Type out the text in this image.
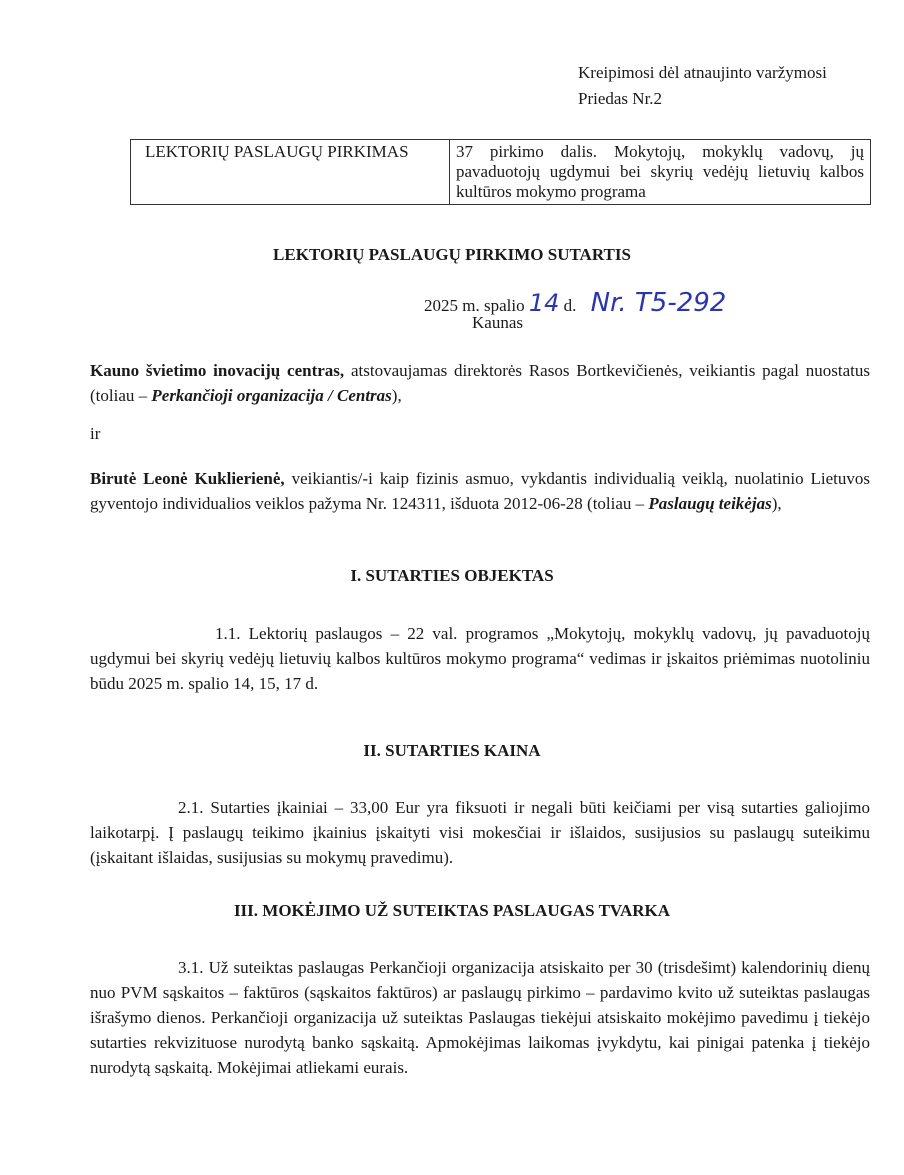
Kreipimosi dėl atnaujinto varžymosi
Priedas Nr.2
LEKTORIŲ PASLAUGŲ PIRKIMAS	37 pirkimo dalis. Mokytojų, mokyklų vadovų, jų pavaduotojų ugdymui bei skyrių vedėjų lietuvių kalbos kultūros mokymo programa
LEKTORIŲ PASLAUGŲ PIRKIMO SUTARTIS
2025 m. spalio 14 d. Nr. T5-292
Kaunas
Kauno švietimo inovacijų centras, atstovaujamas direktorės Rasos Bortkevičienės, veikiantis pagal nuostatus (toliau – Perkančioji organizacija / Centras),
ir
Birutė Leonė Kuklierienė, veikiantis/-i kaip fizinis asmuo, vykdantis individualią veiklą, nuolatinio Lietuvos gyventojo individualios veiklos pažyma Nr. 124311, išduota 2012-06-28 (toliau – Paslaugų teikėjas),
I. SUTARTIES OBJEKTAS
1.1. Lektorių paslaugos – 22 val. programos „Mokytojų, mokyklų vadovų, jų pavaduotojų ugdymui bei skyrių vedėjų lietuvių kalbos kultūros mokymo programa“ vedimas ir įskaitos priėmimas nuotoliniu būdu 2025 m. spalio 14, 15, 17 d.
II. SUTARTIES KAINA
2.1. Sutarties įkainiai – 33,00 Eur yra fiksuoti ir negali būti keičiami per visą sutarties galiojimo laikotarpį. Į paslaugų teikimo įkainius įskaityti visi mokesčiai ir išlaidos, susijusios su paslaugų suteikimu (įskaitant išlaidas, susijusias su mokymų pravedimu).
III. MOKĖJIMO UŽ SUTEIKTAS PASLAUGAS TVARKA
3.1. Už suteiktas paslaugas Perkančioji organizacija atsiskaito per 30 (trisdešimt) kalendorinių dienų nuo PVM sąskaitos – faktūros (sąskaitos faktūros) ar paslaugų pirkimo – pardavimo kvito už suteiktas paslaugas išrašymo dienos. Perkančioji organizacija už suteiktas Paslaugas tiekėjui atsiskaito mokėjimo pavedimu į tiekėjo sutarties rekvizituose nurodytą banko sąskaitą. Apmokėjimas laikomas įvykdytu, kai pinigai patenka į tiekėjo nurodytą sąskaitą. Mokėjimai atliekami eurais.
